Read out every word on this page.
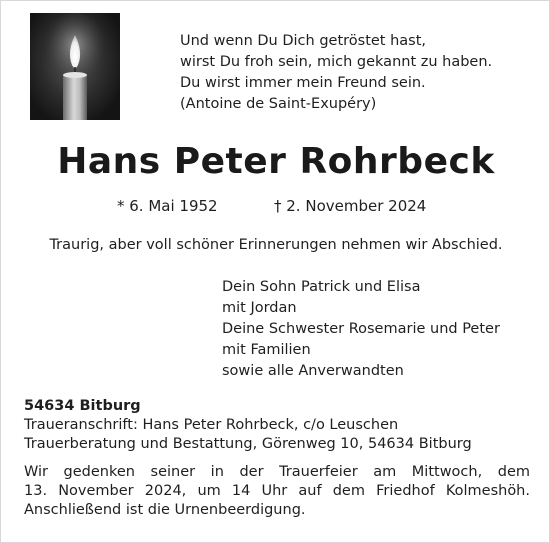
Und wenn Du Dich getröstet hast,
wirst Du froh sein, mich gekannt zu haben.
Du wirst immer mein Freund sein.
(Antoine de Saint-Exupéry)
Hans Peter Rohrbeck
* 6. Mai 1952	† 2. November 2024
Traurig, aber voll schöner Erinnerungen nehmen wir Abschied.
Dein Sohn Patrick und Elisa
mit Jordan
Deine Schwester Rosemarie und Peter
mit Familien
sowie alle Anverwandten
54634 Bitburg
Traueranschrift: Hans Peter Rohrbeck, c/o Leuschen
Trauerberatung und Bestattung, Görenweg 10, 54634 Bitburg
Wir gedenken seiner in der Trauerfeier am Mittwoch, dem
13. November 2024, um 14 Uhr auf dem Friedhof Kolmeshöh.
Anschließend ist die Urnenbeerdigung.
